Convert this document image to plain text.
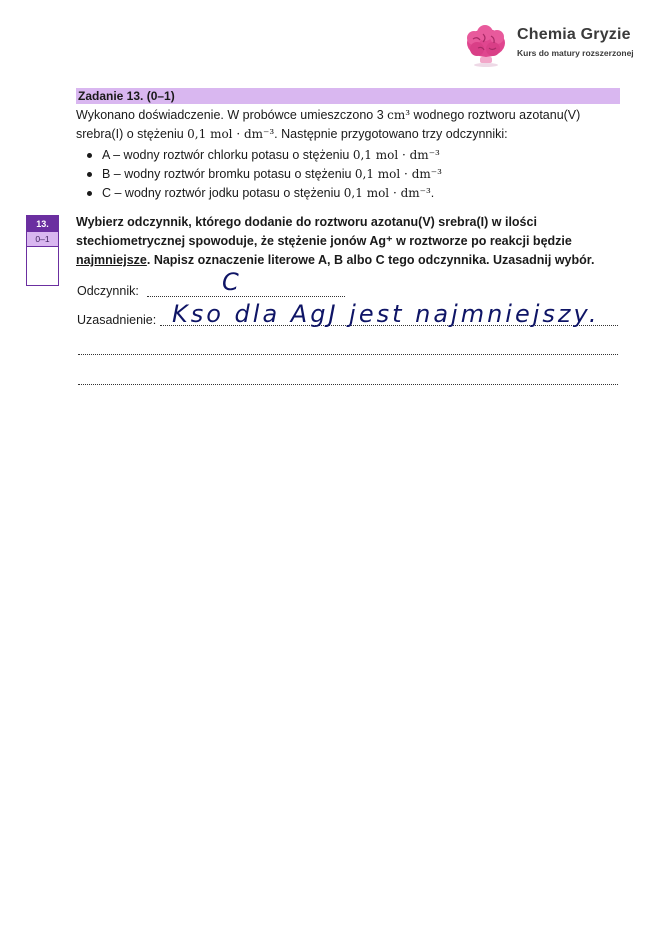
Chemia Gryzie
Kurs do matury rozszerzonej
Zadanie 13. (0–1)

Wykonano doświadczenie. W probówce umieszczono 3 cm³ wodnego roztworu azotanu(V)

srebra(I) o stężeniu 0,1 mol · dm⁻³. Następnie przygotowano trzy odczynniki:

A – wodny roztwór chlorku potasu o stężeniu 0,1 mol · dm⁻³
B – wodny roztwór bromku potasu o stężeniu 0,1 mol · dm⁻³
C – wodny roztwór jodku potasu o stężeniu 0,1 mol · dm⁻³.
13.
0–1

Wybierz odczynnik, którego dodanie do roztworu azotanu(V) srebra(I) w ilości

stechiometrycznej spowoduje, że stężenie jonów Ag⁺ w roztworze po reakcji będzie

najmniejsze. Napisz oznaczenie literowe A, B albo C tego odczynnika. Uzasadnij wybór.

Odczynnik:	C
Uzasadnienie: Kso dla AgJ jest najmniejszy.
